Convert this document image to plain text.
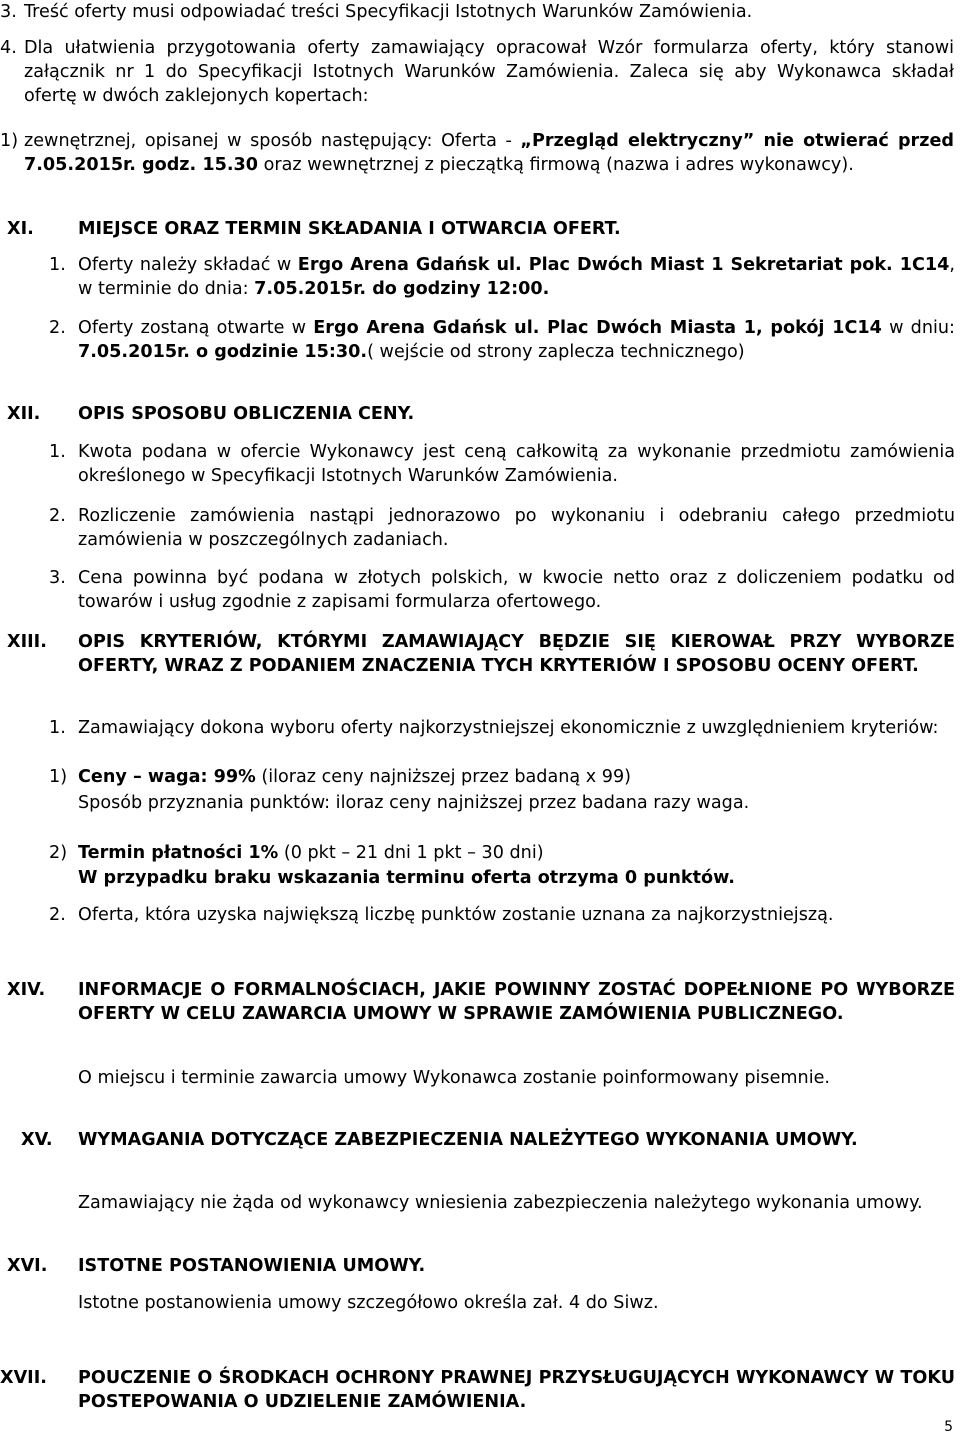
3. Treść oferty musi odpowiadać treści Specyfikacji Istotnych Warunków Zamówienia.
4. Dla ułatwienia przygotowania oferty zamawiający opracował Wzór formularza oferty, który stanowi załącznik nr 1 do Specyfikacji Istotnych Warunków Zamówienia. Zaleca się aby Wykonawca składał ofertę w dwóch zaklejonych kopertach:
1) zewnętrznej, opisanej w sposób następujący: Oferta - „Przegląd elektryczny” nie otwierać przed 7.05.2015r. godz. 15.30 oraz wewnętrznej z pieczątką firmową (nazwa i adres wykonawcy).
XI.	MIEJSCE ORAZ TERMIN SKŁADANIA I OTWARCIA OFERT.
1. Oferty należy składać w Ergo Arena Gdańsk ul. Plac Dwóch Miast 1 Sekretariat pok. 1C14, w terminie do dnia: 7.05.2015r. do godziny 12:00.
2. Oferty zostaną otwarte w Ergo Arena Gdańsk ul. Plac Dwóch Miasta 1, pokój 1C14 w dniu: 7.05.2015r. o godzinie 15:30.( wejście od strony zaplecza technicznego)
XII.	OPIS SPOSOBU OBLICZENIA CENY.
1. Kwota podana w ofercie Wykonawcy jest ceną całkowitą za wykonanie przedmiotu zamówienia określonego w Specyfikacji Istotnych Warunków Zamówienia.
2. Rozliczenie zamówienia nastąpi jednorazowo po wykonaniu i odebraniu całego przedmiotu zamówienia w poszczególnych zadaniach.
3. Cena powinna być podana w złotych polskich, w kwocie netto oraz z doliczeniem podatku od towarów i usług zgodnie z zapisami formularza ofertowego.
XIII.	OPIS KRYTERIÓW, KTÓRYMI ZAMAWIAJĄCY BĘDZIE SIĘ KIEROWAŁ PRZY WYBORZE OFERTY, WRAZ Z PODANIEM ZNACZENIA TYCH KRYTERIÓW I SPOSOBU OCENY OFERT.
1. Zamawiający dokona wyboru oferty najkorzystniejszej ekonomicznie z uwzględnieniem kryteriów:
1) Ceny – waga: 99% (iloraz ceny najniższej przez badaną x 99)
Sposób przyznania punktów: iloraz ceny najniższej przez badana razy waga.
2) Termin płatności 1% (0 pkt – 21 dni 1 pkt – 30 dni)
W przypadku braku wskazania terminu oferta otrzyma 0 punktów.
2. Oferta, która uzyska największą liczbę punktów zostanie uznana za najkorzystniejszą.
XIV.	INFORMACJE O FORMALNOŚCIACH, JAKIE POWINNY ZOSTAĆ DOPEŁNIONE PO WYBORZE OFERTY W CELU ZAWARCIA UMOWY W SPRAWIE ZAMÓWIENIA PUBLICZNEGO.
O miejscu i terminie zawarcia umowy Wykonawca zostanie poinformowany pisemnie.
XV.	WYMAGANIA DOTYCZĄCE ZABEZPIECZENIA NALEŻYTEGO WYKONANIA UMOWY.
Zamawiający nie żąda od wykonawcy wniesienia zabezpieczenia należytego wykonania umowy.
XVI.	ISTOTNE POSTANOWIENIA UMOWY.
Istotne postanowienia umowy szczegółowo określa zał. 4 do Siwz.
XVII.	POUCZENIE O ŚRODKACH OCHRONY PRAWNEJ PRZYSŁUGUJĄCYCH WYKONAWCY W TOKU POSTEPOWANIA O UDZIELENIE ZAMÓWIENIA.
5
